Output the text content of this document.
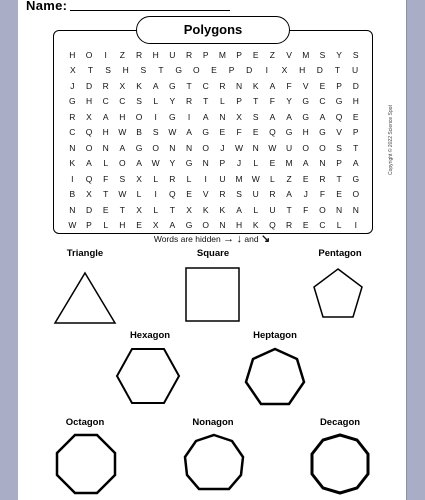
Name:
Polygons
H	O	I	Z	R	H	U	R	P	M	P	E	Z	V	M	S	Y	S
X	T	S	H	S	T	G	O	E	P	D	I	X	H	D	T	U
J	D	R	X	K	A	G	T	C	R	N	K	A	F	V	E	P	D
G	H	C	C	S	L	Y	R	T	L	P	T	F	Y	G	C	G	H
R	X	A	H	O	I	G	I	A	N	X	S	A	A	G	A	Q	E
C	Q	H	W	B	S	W	A	G	E	F	E	Q	G	H	G	V	P
N	O	N	A	G	O	N	N	O	J	W	N	W	U	O	O	S	T
K	A	L	O	A	W	Y	G	N	P	J	L	E	M	A	N	P	A
I	Q	F	S	X	L	R	L	I	U	M	W	L	Z	E	R	T	G
B	X	T	W	L	I	Q	E	V	R	S	U	R	A	J	F	E	O
N	D	E	T	X	L	T	X	K	K	A	L	U	T	F	O	N	N
W	P	L	H	E	X	A	G	O	N	H	K	Q	R	E	C	L	I
Words are hidden → ↓ and ↘
Copyright © 2022 Science Spot
Triangle	Square	Pentagon
Hexagon	Heptagon
Octagon	Nonagon	Decagon
